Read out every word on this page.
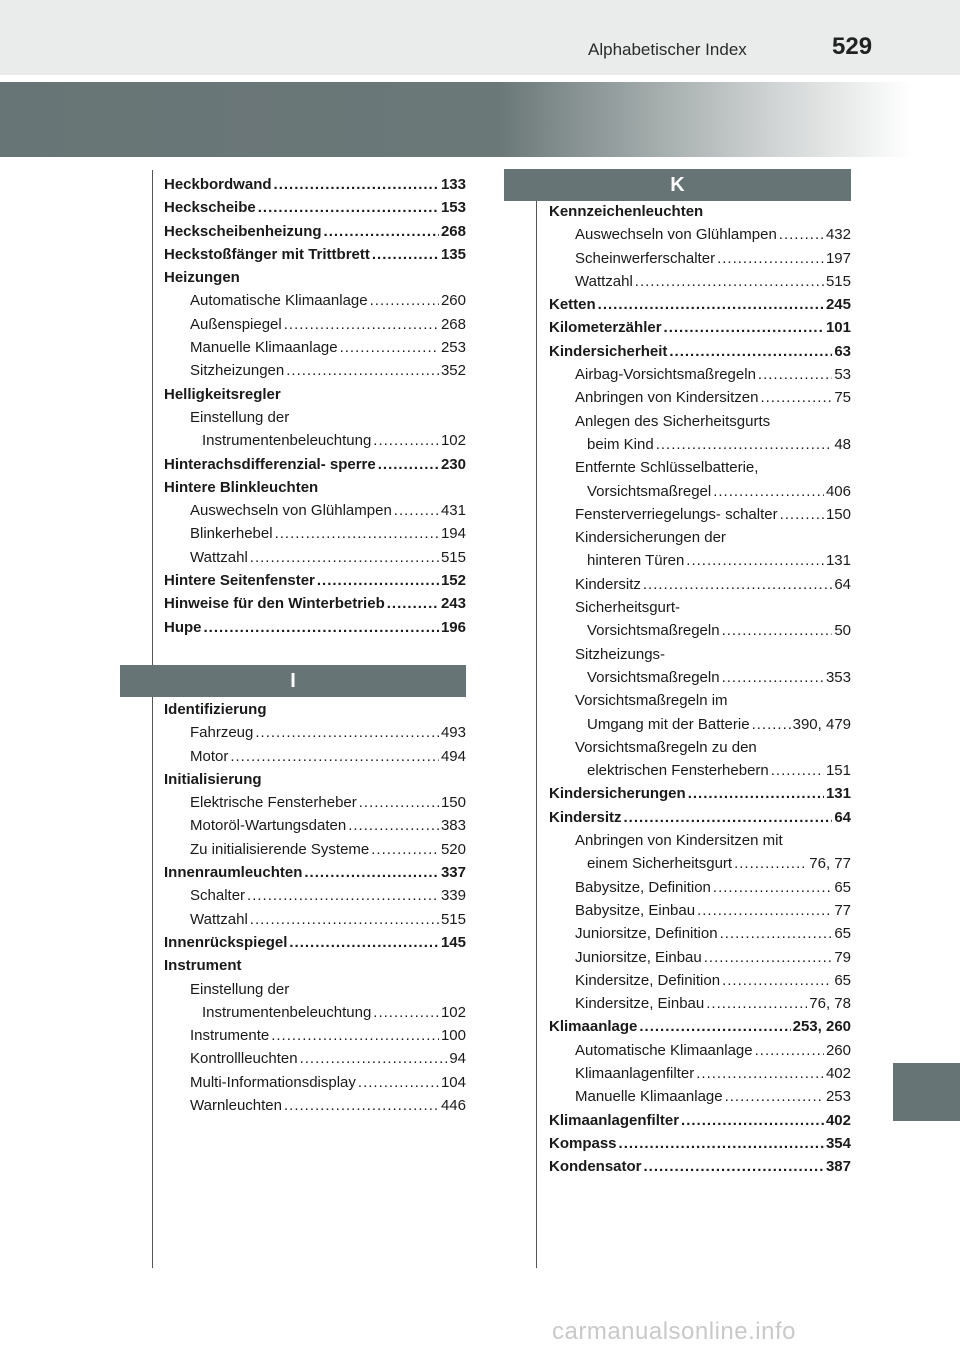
Alphabetischer Index	529
Heckbordwand .....	133
Heckscheibe .....	153
Heckscheibenheizung .....	268
Heckstoßfänger mit Trittbrett .....	135
Heizungen
Automatische Klimaanlage .....	260
Außenspiegel .....	268
Manuelle Klimaanlage .....	253
Sitzheizungen .....	352
Helligkeitsregler
Einstellung der
Instrumentenbeleuchtung .....	102
Hinterachsdifferenzial- sperre .....	230
Hintere Blinkleuchten
Auswechseln von Glühlampen .....	431
Blinkerhebel .....	194
Wattzahl .....	515
Hintere Seitenfenster .....	152
Hinweise für den Winterbetrieb .....	243
Hupe .....	196
I
Identifizierung
Fahrzeug .....	493
Motor .....	494
Initialisierung
Elektrische Fensterheber .....	150
Motoröl-Wartungsdaten .....	383
Zu initialisierende Systeme .....	520
Innenraumleuchten .....	337
Schalter .....	339
Wattzahl .....	515
Innenrückspiegel .....	145
Instrument
Einstellung der
Instrumentenbeleuchtung .....	102
Instrumente .....	100
Kontrollleuchten .....	94
Multi-Informationsdisplay .....	104
Warnleuchten .....	446
K
Kennzeichenleuchten
Auswechseln von Glühlampen .....	432
Scheinwerferschalter .....	197
Wattzahl .....	515
Ketten .....	245
Kilometerzähler .....	101
Kindersicherheit .....	63
Airbag-Vorsichtsmaßregeln .....	53
Anbringen von Kindersitzen .....	75
Anlegen des Sicherheitsgurts
beim Kind .....	48
Entfernte Schlüsselbatterie,
Vorsichtsmaßregel .....	406
Fensterverriegelungs- schalter .....	150
Kindersicherungen der
hinteren Türen .....	131
Kindersitz .....	64
Sicherheitsgurt-
Vorsichtsmaßregeln .....	50
Sitzheizungs-
Vorsichtsmaßregeln .....	353
Vorsichtsmaßregeln im
Umgang mit der Batterie .....	390, 479
Vorsichtsmaßregeln zu den
elektrischen Fensterhebern .....	151
Kindersicherungen .....	131
Kindersitz .....	64
Anbringen von Kindersitzen mit
einem Sicherheitsgurt .....	76, 77
Babysitze, Definition .....	65
Babysitze, Einbau .....	77
Juniorsitze, Definition .....	65
Juniorsitze, Einbau .....	79
Kindersitze, Definition .....	65
Kindersitze, Einbau .....	76, 78
Klimaanlage .....	253, 260
Automatische Klimaanlage .....	260
Klimaanlagenfilter .....	402
Manuelle Klimaanlage .....	253
Klimaanlagenfilter .....	402
Kompass .....	354
Kondensator .....	387
carmanualsonline.info
